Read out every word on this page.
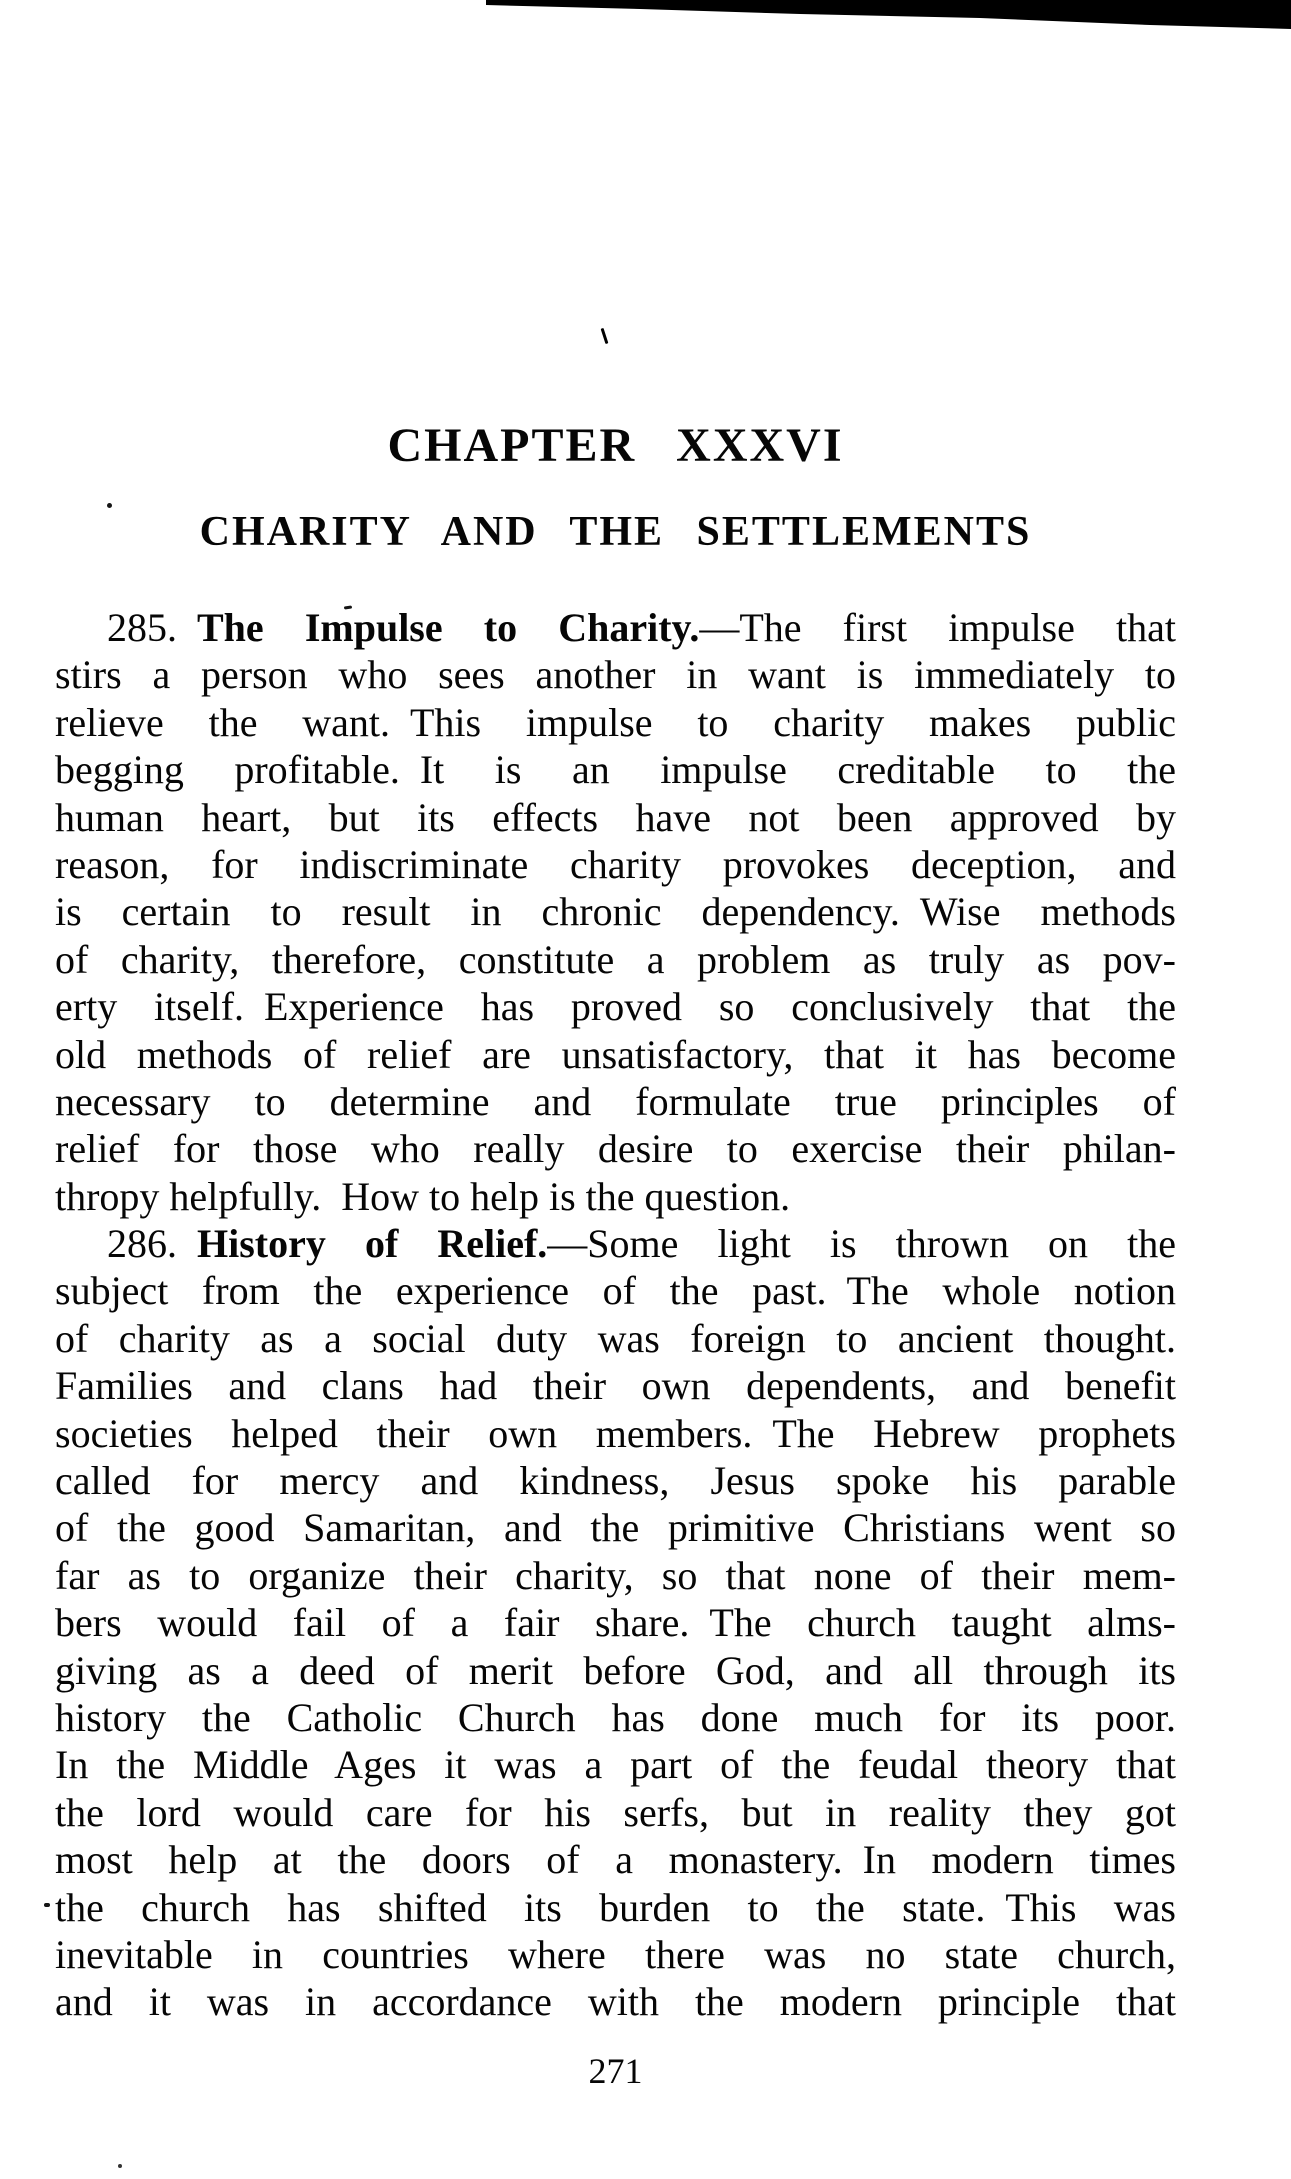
CHAPTER XXXVI
CHARITY AND THE SETTLEMENTS
285. The Impulse to Charity.—The first impulse that
stirs a person who sees another in want is immediately to
relieve the want. This impulse to charity makes public
begging profitable. It is an impulse creditable to the
human heart, but its effects have not been approved by
reason, for indiscriminate charity provokes deception, and
is certain to result in chronic dependency. Wise methods
of charity, therefore, constitute a problem as truly as pov-
erty itself. Experience has proved so conclusively that the
old methods of relief are unsatisfactory, that it has become
necessary to determine and formulate true principles of
relief for those who really desire to exercise their philan-
thropy helpfully. How to help is the question.
286. History of Relief.—Some light is thrown on the
subject from the experience of the past. The whole notion
of charity as a social duty was foreign to ancient thought.
Families and clans had their own dependents, and benefit
societies helped their own members. The Hebrew prophets
called for mercy and kindness, Jesus spoke his parable
of the good Samaritan, and the primitive Christians went so
far as to organize their charity, so that none of their mem-
bers would fail of a fair share. The church taught alms-
giving as a deed of merit before God, and all through its
history the Catholic Church has done much for its poor.
In the Middle Ages it was a part of the feudal theory that
the lord would care for his serfs, but in reality they got
most help at the doors of a monastery. In modern times
the church has shifted its burden to the state. This was
inevitable in countries where there was no state church,
and it was in accordance with the modern principle that
271
